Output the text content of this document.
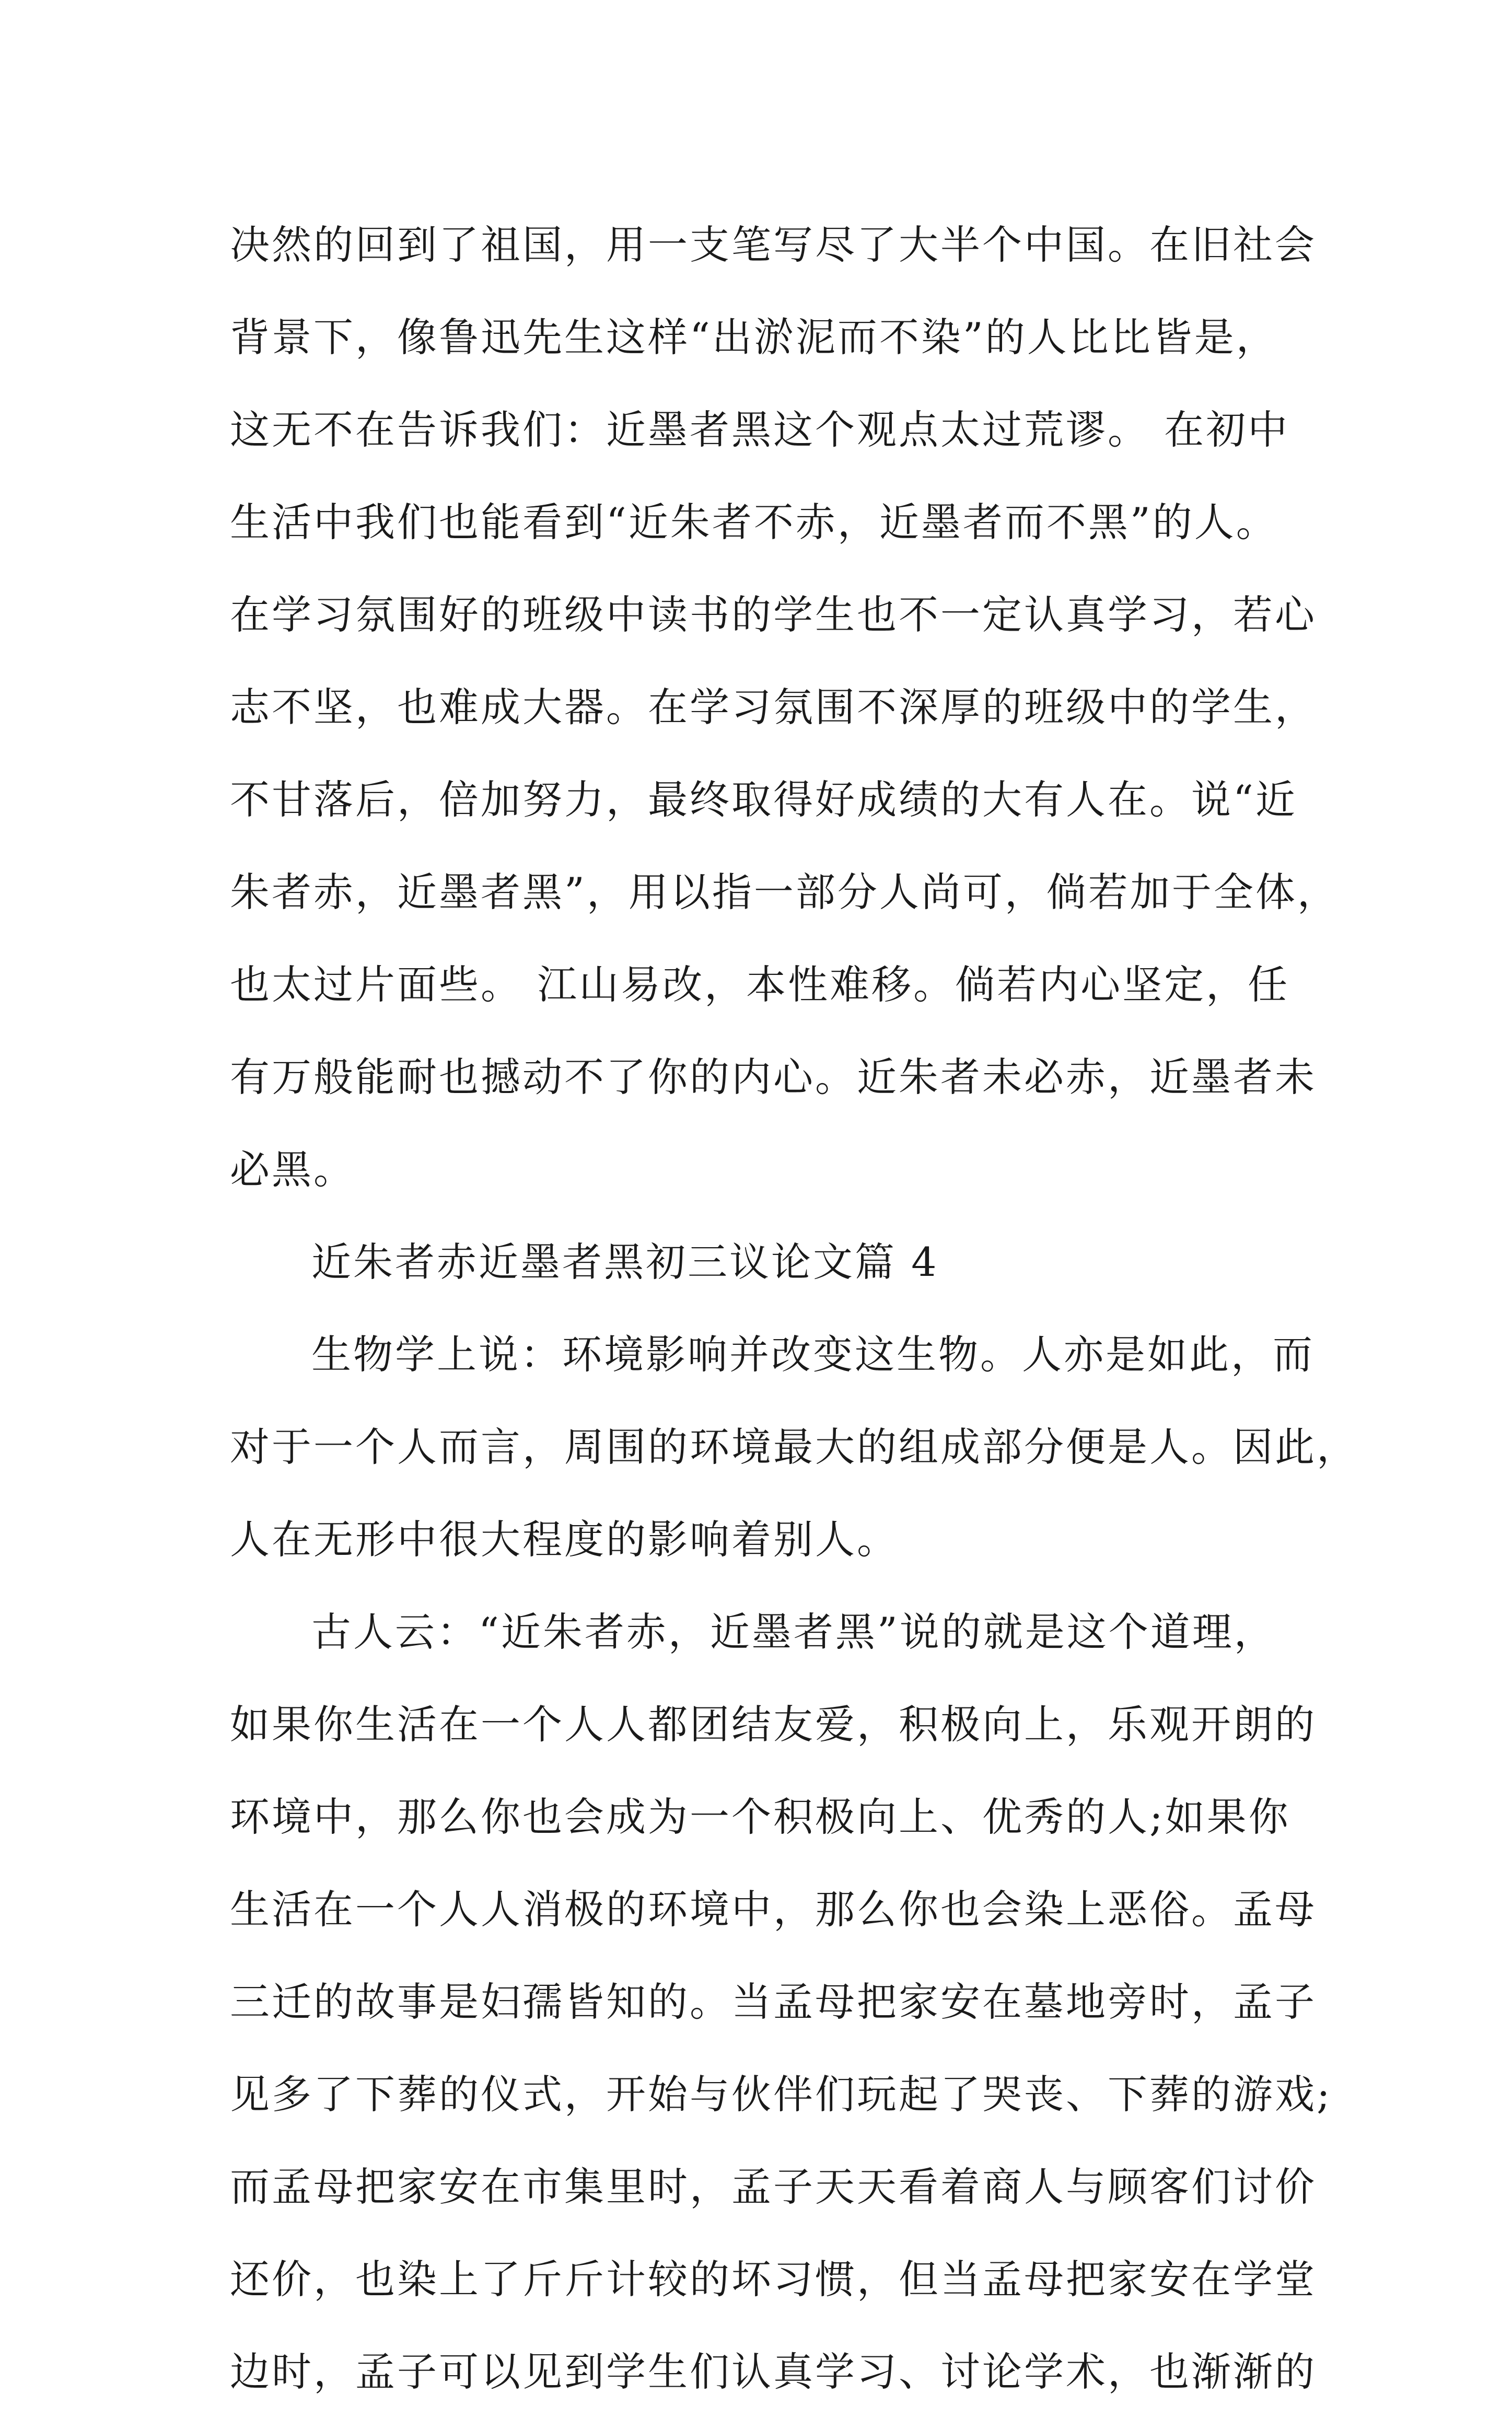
决然的回到了祖国，用一支笔写尽了大半个中国。在旧社会
背景下，像鲁迅先生这样“出淤泥而不染”的人比比皆是，
这无不在告诉我们：近墨者黑这个观点太过荒谬。 在初中
生活中我们也能看到“近朱者不赤，近墨者而不黑”的人。
在学习氛围好的班级中读书的学生也不一定认真学习，若心
志不坚，也难成大器。在学习氛围不深厚的班级中的学生，
不甘落后，倍加努力，最终取得好成绩的大有人在。说“近
朱者赤，近墨者黑”，用以指一部分人尚可，倘若加于全体，
也太过片面些。 江山易改，本性难移。倘若内心坚定，任
有万般能耐也撼动不了你的内心。近朱者未必赤，近墨者未
必黑。
近朱者赤近墨者黑初三议论文篇 4
生物学上说：环境影响并改变这生物。人亦是如此，而
对于一个人而言，周围的环境最大的组成部分便是人。因此，
人在无形中很大程度的影响着别人。
古人云：“近朱者赤，近墨者黑”说的就是这个道理，
如果你生活在一个人人都团结友爱，积极向上，乐观开朗的
环境中，那么你也会成为一个积极向上、优秀的人;如果你
生活在一个人人消极的环境中，那么你也会染上恶俗。孟母
三迁的故事是妇孺皆知的。当孟母把家安在墓地旁时，孟子
见多了下葬的仪式，开始与伙伴们玩起了哭丧、下葬的游戏;
而孟母把家安在市集里时，孟子天天看着商人与顾客们讨价
还价，也染上了斤斤计较的坏习惯，但当孟母把家安在学堂
边时，孟子可以见到学生们认真学习、讨论学术，也渐渐的
